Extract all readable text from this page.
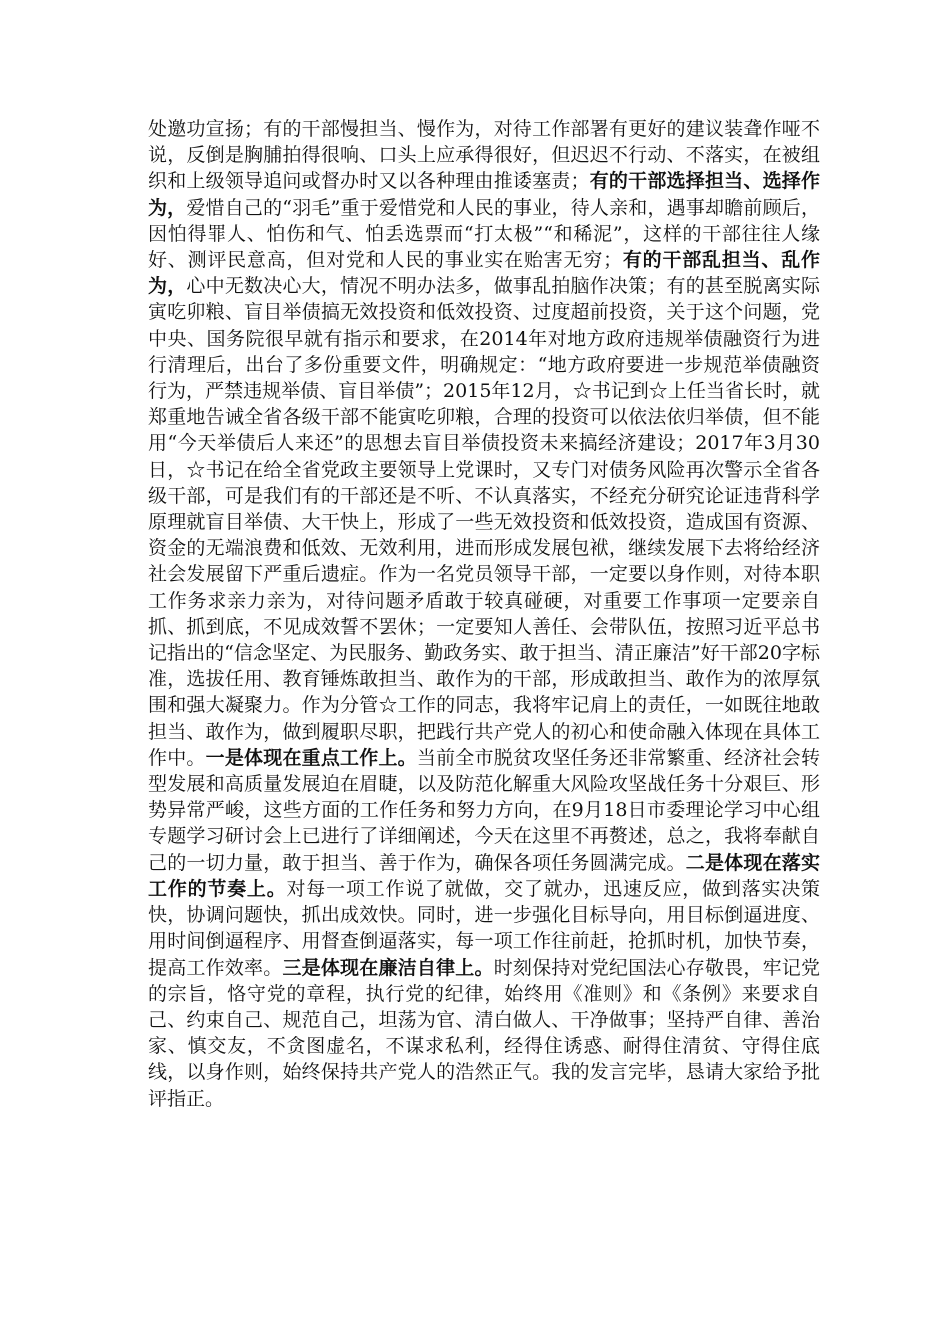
处邀功宣扬；有的干部慢担当、慢作为，对待工作部署有更好的建议装聋作哑不说，反倒是胸脯拍得很响、口头上应承得很好，但迟迟不行动、不落实，在被组织和上级领导追问或督办时又以各种理由推诿塞责；有的干部选择担当、选择作为，爱惜自己的“羽毛”重于爱惜党和人民的事业，待人亲和，遇事却瞻前顾后，因怕得罪人、怕伤和气、怕丢选票而“打太极”“和稀泥”，这样的干部往往人缘好、测评民意高，但对党和人民的事业实在贻害无穷；有的干部乱担当、乱作为，心中无数决心大，情况不明办法多，做事乱拍脑作决策；有的甚至脱离实际寅吃卯粮、盲目举债搞无效投资和低效投资、过度超前投资，关于这个问题，党中央、国务院很早就有指示和要求，在2014年对地方政府违规举债融资行为进行清理后，出台了多份重要文件，明确规定：“地方政府要进一步规范举债融资行为，严禁违规举债、盲目举债”；2015年12月，☆书记到☆上任当省长时，就郑重地告诫全省各级干部不能寅吃卯粮，合理的投资可以依法依归举债，但不能用“今天举债后人来还”的思想去盲目举债投资未来搞经济建设；2017年3月30日，☆书记在给全省党政主要领导上党课时，又专门对债务风险再次警示全省各级干部，可是我们有的干部还是不听、不认真落实，不经充分研究论证违背科学原理就盲目举债、大干快上，形成了一些无效投资和低效投资，造成国有资源、资金的无端浪费和低效、无效利用，进而形成发展包袱，继续发展下去将给经济社会发展留下严重后遗症。作为一名党员领导干部，一定要以身作则，对待本职工作务求亲力亲为，对待问题矛盾敢于较真碰硬，对重要工作事项一定要亲自抓、抓到底，不见成效誓不罢休；一定要知人善任、会带队伍，按照习近平总书记指出的“信念坚定、为民服务、勤政务实、敢于担当、清正廉洁”好干部20字标准，选拔任用、教育锤炼敢担当、敢作为的干部，形成敢担当、敢作为的浓厚氛围和强大凝聚力。作为分管☆工作的同志，我将牢记肩上的责任，一如既往地敢担当、敢作为，做到履职尽职，把践行共产党人的初心和使命融入体现在具体工作中。一是体现在重点工作上。当前全市脱贫攻坚任务还非常繁重、经济社会转型发展和高质量发展迫在眉睫，以及防范化解重大风险攻坚战任务十分艰巨、形势异常严峻，这些方面的工作任务和努力方向，在9月18日市委理论学习中心组专题学习研讨会上已进行了详细阐述，今天在这里不再赘述，总之，我将奉献自己的一切力量，敢于担当、善于作为，确保各项任务圆满完成。二是体现在落实工作的节奏上。对每一项工作说了就做，交了就办，迅速反应，做到落实决策快，协调问题快，抓出成效快。同时，进一步强化目标导向，用目标倒逼进度、用时间倒逼程序、用督查倒逼落实，每一项工作往前赶，抢抓时机，加快节奏，提高工作效率。三是体现在廉洁自律上。时刻保持对党纪国法心存敬畏，牢记党的宗旨，恪守党的章程，执行党的纪律，始终用《准则》和《条例》来要求自己、约束自己、规范自己，坦荡为官、清白做人、干净做事；坚持严自律、善治家、慎交友，不贪图虚名，不谋求私利，经得住诱惑、耐得住清贫、守得住底线，以身作则，始终保持共产党人的浩然正气。我的发言完毕，恳请大家给予批评指正。
